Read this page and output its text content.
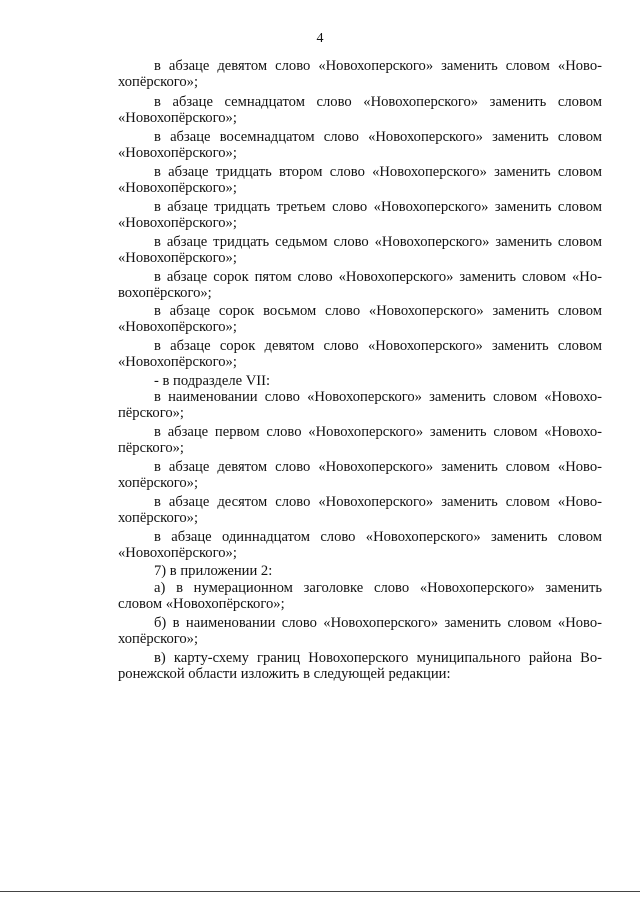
4
в абзаце девятом слово «Новохоперского» заменить словом «Ново-
хопёрского»;
в абзаце семнадцатом слово «Новохоперского» заменить словом
«Новохопёрского»;
в абзаце восемнадцатом слово «Новохоперского» заменить словом
«Новохопёрского»;
в абзаце тридцать втором слово «Новохоперского» заменить словом
«Новохопёрского»;
в абзаце тридцать третьем слово «Новохоперского» заменить словом
«Новохопёрского»;
в абзаце тридцать седьмом слово «Новохоперского» заменить словом
«Новохопёрского»;
в абзаце сорок пятом слово «Новохоперского» заменить словом «Но-
вохопёрского»;
в абзаце сорок восьмом слово «Новохоперского» заменить словом
«Новохопёрского»;
в абзаце сорок девятом слово «Новохоперского» заменить словом
«Новохопёрского»;
- в подразделе VII:
в наименовании слово «Новохоперского» заменить словом «Новохо-
пёрского»;
в абзаце первом слово «Новохоперского» заменить словом «Новохо-
пёрского»;
в абзаце девятом слово «Новохоперского» заменить словом «Ново-
хопёрского»;
в абзаце десятом слово «Новохоперского» заменить словом «Ново-
хопёрского»;
в абзаце одиннадцатом слово «Новохоперского» заменить словом
«Новохопёрского»;
7) в приложении 2:
а) в нумерационном заголовке слово «Новохоперского» заменить
словом «Новохопёрского»;
б) в наименовании слово «Новохоперского» заменить словом «Ново-
хопёрского»;
в) карту-схему границ Новохоперского муниципального района Во-
ронежской области изложить в следующей редакции:
